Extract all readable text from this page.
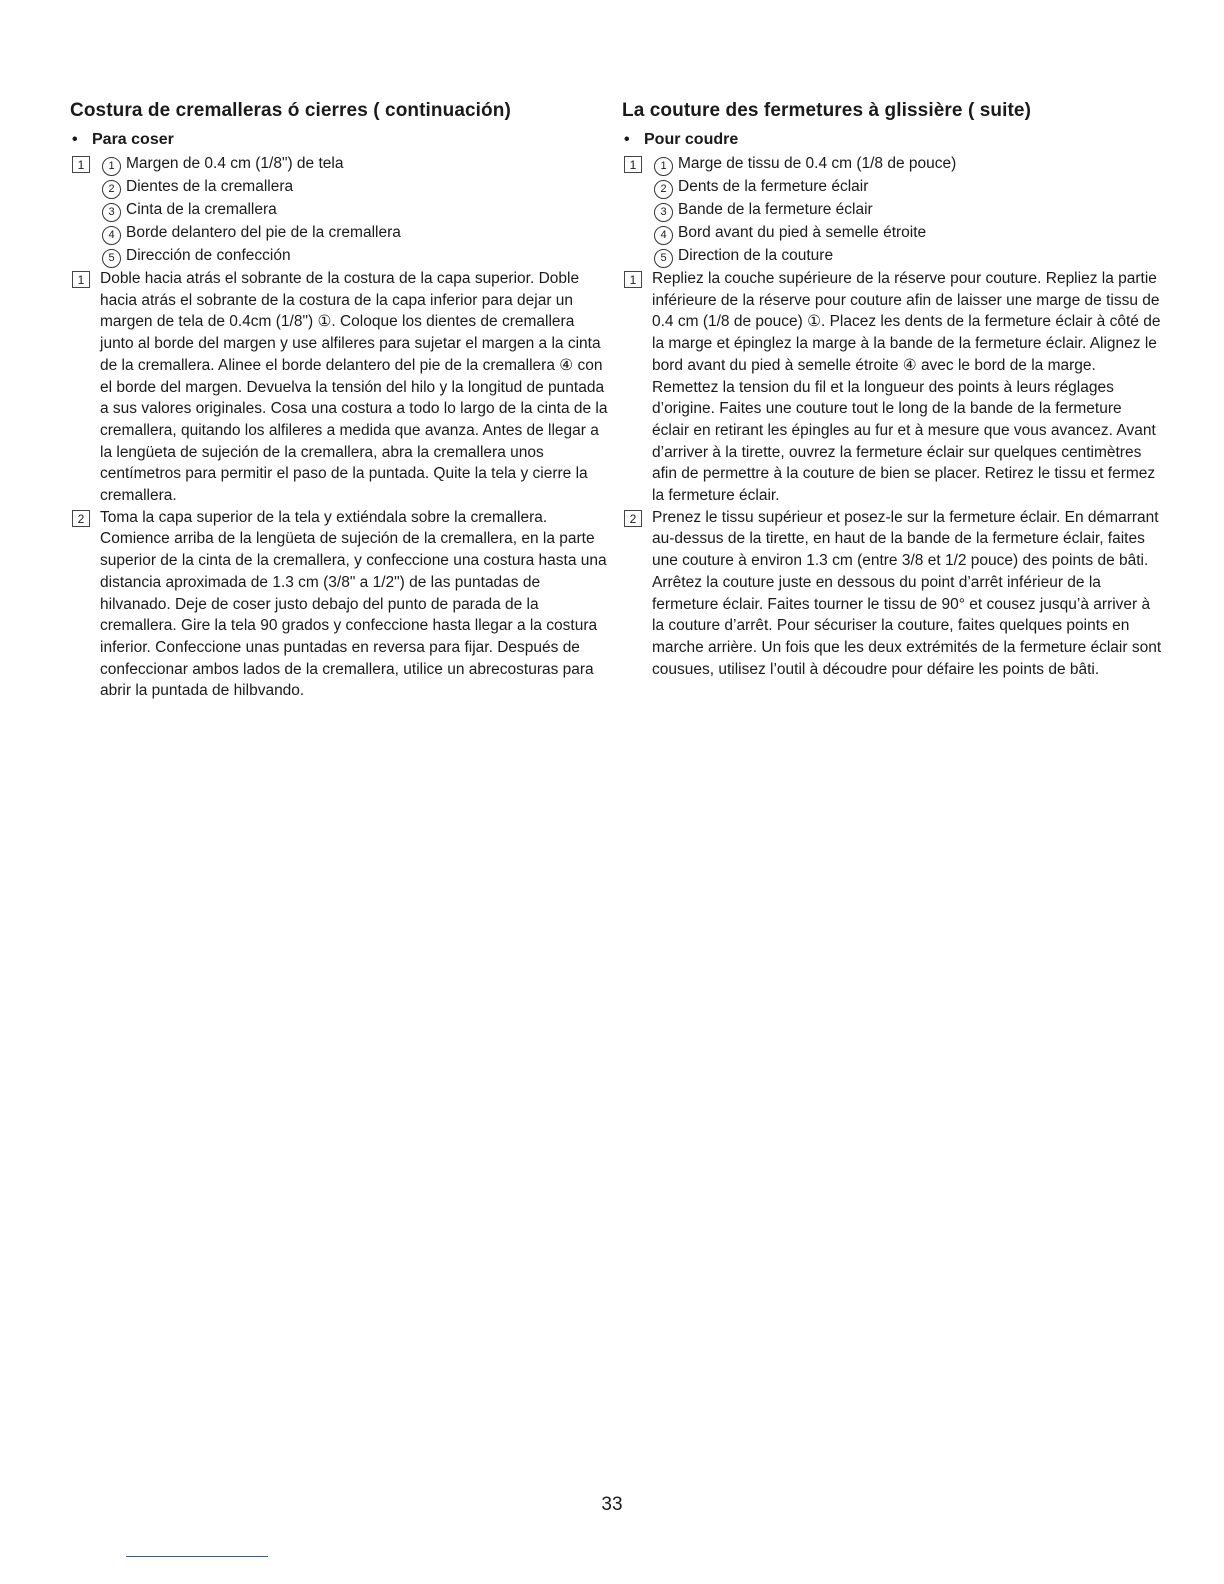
Costura de cremalleras ó cierres ( continuación)
• Para coser
1	1 Margen de 0.4 cm (1/8") de tela
2 Dientes de la cremallera
3 Cinta de la cremallera
4 Borde delantero del pie de la cremallera
5 Dirección de confección
1	Doble hacia atrás el sobrante de la costura de la capa superior. Doble hacia atrás el sobrante de la costura de la capa inferior para dejar un margen de tela de 0.4cm (1/8") ①. Coloque los dientes de cremallera junto al borde del margen y use alfileres para sujetar el margen a la cinta de la cremallera. Alinee el borde delantero del pie de la cremallera ④ con el borde del margen. Devuelva la tensión del hilo y la longitud de puntada a sus valores originales. Cosa una costura a todo lo largo de la cinta de la cremallera, quitando los alfileres a medida que avanza. Antes de llegar a la lengüeta de sujeción de la cremallera, abra la cremallera unos centímetros para permitir el paso de la puntada. Quite la tela y cierre la cremallera.

2	Toma la capa superior de la tela y extiéndala sobre la cremallera. Comience arriba de la lengüeta de sujeción de la cremallera, en la parte superior de la cinta de la cremallera, y confeccione una costura hasta una distancia aproximada de 1.3 cm (3/8" a 1/2") de las puntadas de hilvanado. Deje de coser justo debajo del punto de parada de la cremallera. Gire la tela 90 grados y confeccione hasta llegar a la costura inferior. Confeccione unas puntadas en reversa para fijar. Después de confeccionar ambos lados de la cremallera, utilice un abrecosturas para abrir la puntada de hilbvando.

La couture des fermetures à glissière ( suite)
• Pour coudre
1	1 Marge de tissu de 0.4 cm (1/8 de pouce)
2 Dents de la fermeture éclair
3 Bande de la fermeture éclair
4 Bord avant du pied à semelle étroite
5 Direction de la couture
1	Repliez la couche supérieure de la réserve pour couture. Repliez la partie inférieure de la réserve pour couture afin de laisser une marge de tissu de 0.4 cm (1/8 de pouce) ①. Placez les dents de la fermeture éclair à côté de la marge et épinglez la marge à la bande de la fermeture éclair. Alignez le bord avant du pied à semelle étroite ④ avec le bord de la marge. Remettez la tension du fil et la longueur des points à leurs réglages d’origine. Faites une couture tout le long de la bande de la fermeture éclair en retirant les épingles au fur et à mesure que vous avancez. Avant d’arriver à la tirette, ouvrez la fermeture éclair sur quelques centimètres afin de permettre à la couture de bien se placer. Retirez le tissu et fermez la fermeture éclair.

2	Prenez le tissu supérieur et posez-le sur la fermeture éclair. En démarrant au-dessus de la tirette, en haut de la bande de la fermeture éclair, faites une couture à environ 1.3 cm (entre 3/8 et 1/2 pouce) des points de bâti. Arrêtez la couture juste en dessous du point d’arrêt inférieur de la fermeture éclair. Faites tourner le tissu de 90° et cousez jusqu’à arriver à la couture d’arrêt. Pour sécuriser la couture, faites quelques points en marche arrière. Un fois que les deux extrémités de la fermeture éclair sont cousues, utilisez l’outil à découdre pour défaire les points de bâti.

33
